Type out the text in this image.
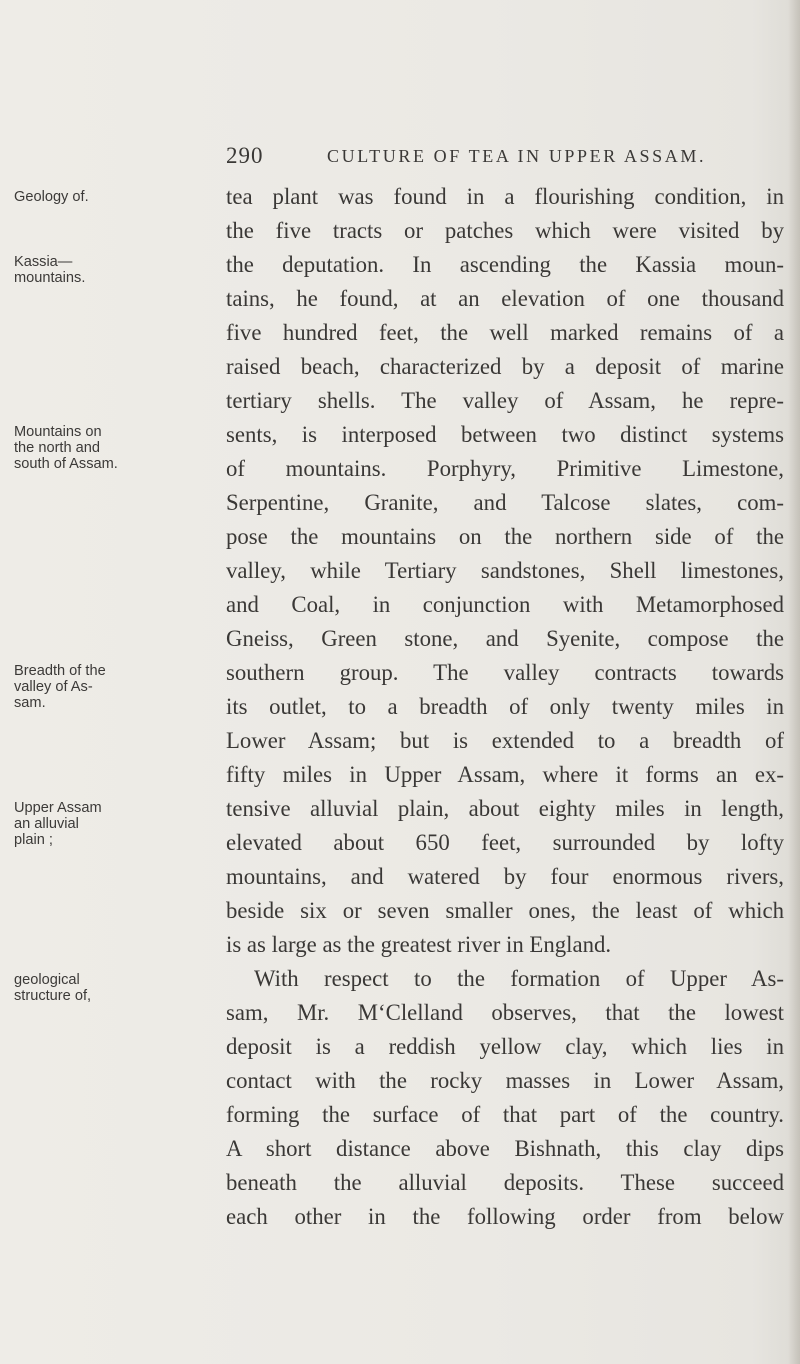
290	CULTURE OF TEA IN UPPER ASSAM.
Geology of.
Kassia—
mountains.
Mountains on
the north and
south of Assam.
Breadth of the
valley of As-
sam.
Upper Assam
an alluvial
plain ;
geological
structure of,
tea plant was found in a flourishing condition, in
the five tracts or patches which were visited by
the deputation. In ascending the Kassia moun-
tains, he found, at an elevation of one thousand
five hundred feet, the well marked remains of a
raised beach, characterized by a deposit of marine
tertiary shells. The valley of Assam, he repre-
sents, is interposed between two distinct systems
of mountains. Porphyry, Primitive Limestone,
Serpentine, Granite, and Talcose slates, com-
pose the mountains on the northern side of the
valley, while Tertiary sandstones, Shell limestones,
and Coal, in conjunction with Metamorphosed
Gneiss, Green stone, and Syenite, compose the
southern group. The valley contracts towards
its outlet, to a breadth of only twenty miles in
Lower Assam; but is extended to a breadth of
fifty miles in Upper Assam, where it forms an ex-
tensive alluvial plain, about eighty miles in length,
elevated about 650 feet, surrounded by lofty
mountains, and watered by four enormous rivers,
beside six or seven smaller ones, the least of which
is as large as the greatest river in England.
With respect to the formation of Upper As-
sam, Mr. M‘Clelland observes, that the lowest
deposit is a reddish yellow clay, which lies in
contact with the rocky masses in Lower Assam,
forming the surface of that part of the country.
A short distance above Bishnath, this clay dips
beneath the alluvial deposits. These succeed
each other in the following order from below
